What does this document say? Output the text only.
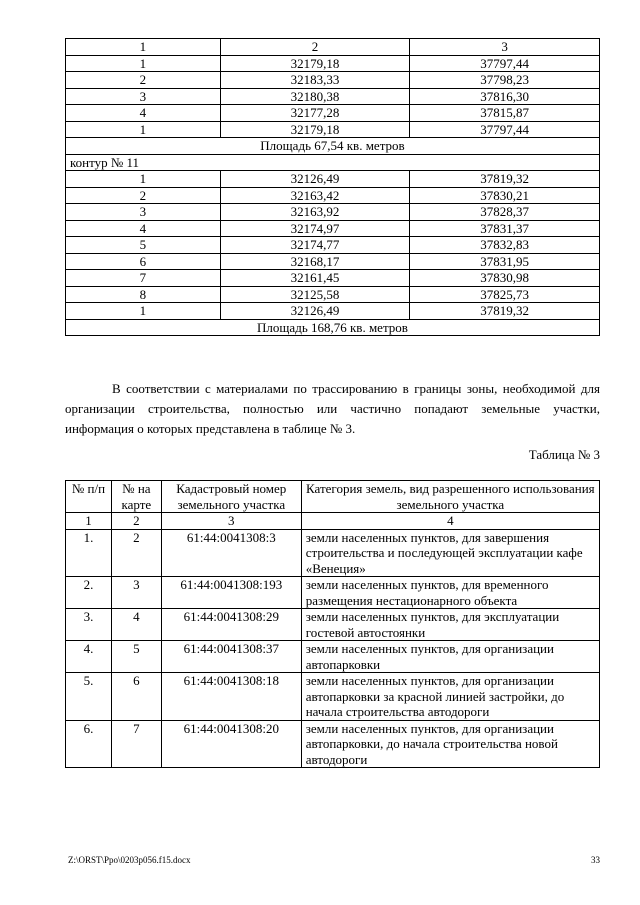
1	2	3
1	32179,18	37797,44
2	32183,33	37798,23
3	32180,38	37816,30
4	32177,28	37815,87
1	32179,18	37797,44
Площадь 67,54 кв. метров		
контур № 11		
1	32126,49	37819,32
2	32163,42	37830,21
3	32163,92	37828,37
4	32174,97	37831,37
5	32174,77	37832,83
6	32168,17	37831,95
7	32161,45	37830,98
8	32125,58	37825,73
1	32126,49	37819,32
Площадь 168,76 кв. метров		

В соответствии с материалами по трассированию в границы зоны, необходимой для организации строительства, полностью или частично попадают земельные участки, информация о которых представлена в таблице № 3.

Таблица № 3
№ п/п	№ на карте	Кадастровый номер земельного участка	Категория земель, вид разрешенного использования земельного участка
1	2	3	4
1.	2	61:44:0041308:3	земли населенных пунктов, для завершения строительства и последующей эксплуатации кафе «Венеция»
2.	3	61:44:0041308:193	земли населенных пунктов, для временного размещения нестационарного объекта
3.	4	61:44:0041308:29	земли населенных пунктов, для эксплуатации гостевой автостоянки
4.	5	61:44:0041308:37	земли населенных пунктов, для организации автопарковки
5.	6	61:44:0041308:18	земли населенных пунктов, для организации автопарковки за красной линией застройки, до начала строительства автодороги
6.	7	61:44:0041308:20	земли населенных пунктов, для организации автопарковки, до начала строительства новой автодороги
Z:\ORST\Ppo\0203p056.f15.docx	33
